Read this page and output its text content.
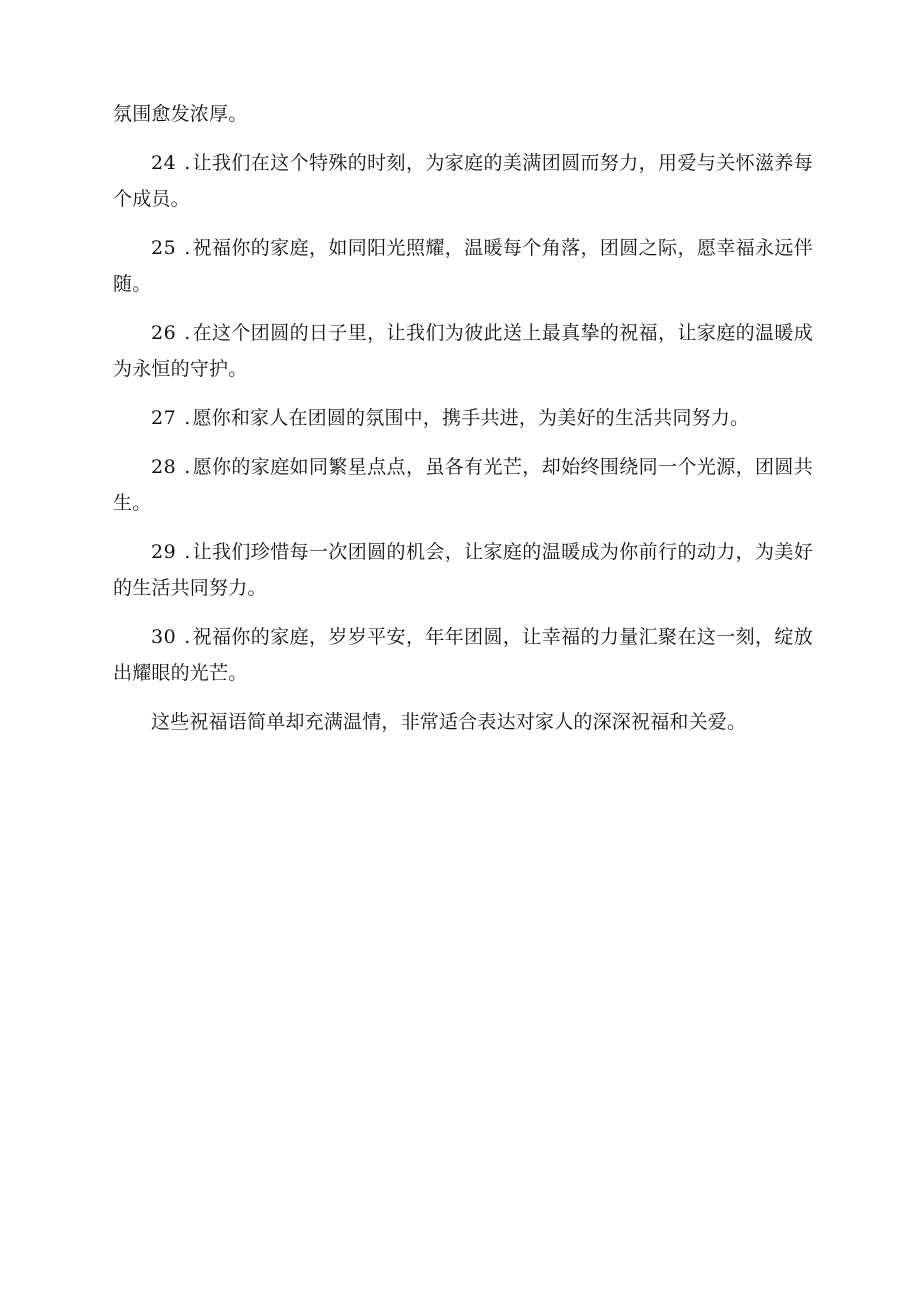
氛围愈发浓厚。

24 . 让我们在这个特殊的时刻，为家庭的美满团圆而努力，用爱与关怀滋养每个成员。

25 . 祝福你的家庭，如同阳光照耀，温暖每个角落，团圆之际，愿幸福永远伴随。

26 . 在这个团圆的日子里，让我们为彼此送上最真挚的祝福，让家庭的温暖成为永恒的守护。

27 . 愿你和家人在团圆的氛围中，携手共进，为美好的生活共同努力。

28 . 愿你的家庭如同繁星点点，虽各有光芒，却始终围绕同一个光源，团圆共生。

29 . 让我们珍惜每一次团圆的机会，让家庭的温暖成为你前行的动力，为美好的生活共同努力。

30 . 祝福你的家庭，岁岁平安，年年团圆，让幸福的力量汇聚在这一刻，绽放出耀眼的光芒。

这些祝福语简单却充满温情，非常适合表达对家人的深深祝福和关爱。
